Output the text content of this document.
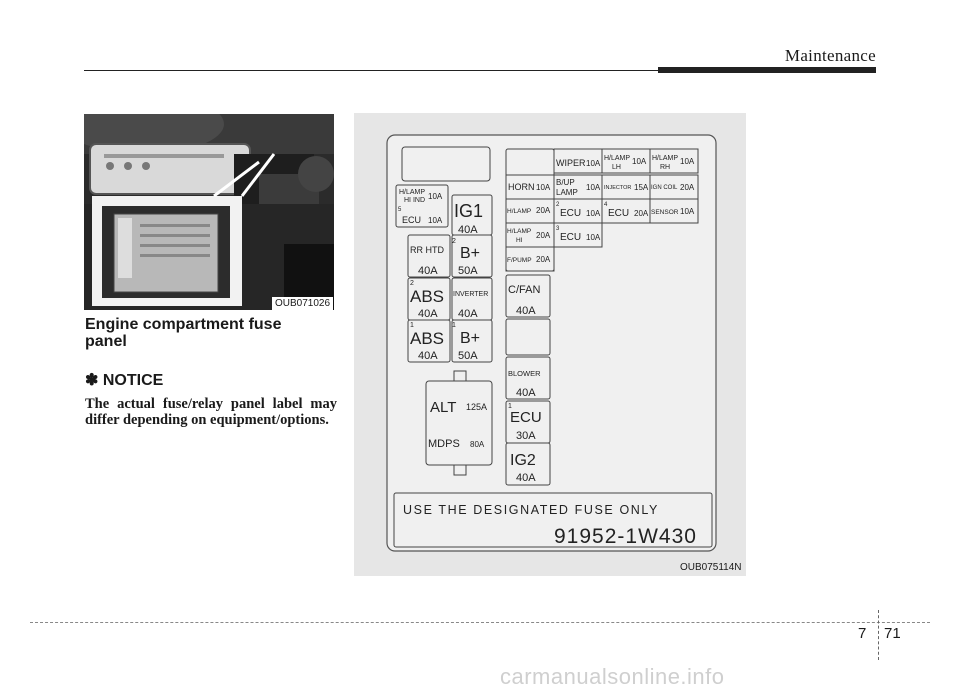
Maintenance
OUB071026
Engine compartment fuse panel
✽ NOTICE
The actual fuse/relay panel label may differ depending on equipment/options.
H/LAMP
HI IND 10A
5
ECU 10A IG1
40A
RR HTD
40A
2
B+
50A
2
ABS
40A
INVERTER
40A
1
ABS
40A
1
B+
50A
ALT 125A
MDPS 80A
WIPER 10A
H/LAMP
LH
10A H/LAMP
RH
10A
HORN 10A
B/UP
LAMP
10A INJECTOR 15A IGN COIL 20A
H/LAMP 20A
2
ECU 10A
4
ECU 20A SENSOR 10A
H/LAMP
HI
20A
3
ECU 10A
F/PUMP 20A
C/FAN
40A
BLOWER
40A
1
ECU
30A
IG2
40A
USE THE DESIGNATED FUSE ONLY
91952-1W430
OUB075114N
7 71
carmanualsonline.info
